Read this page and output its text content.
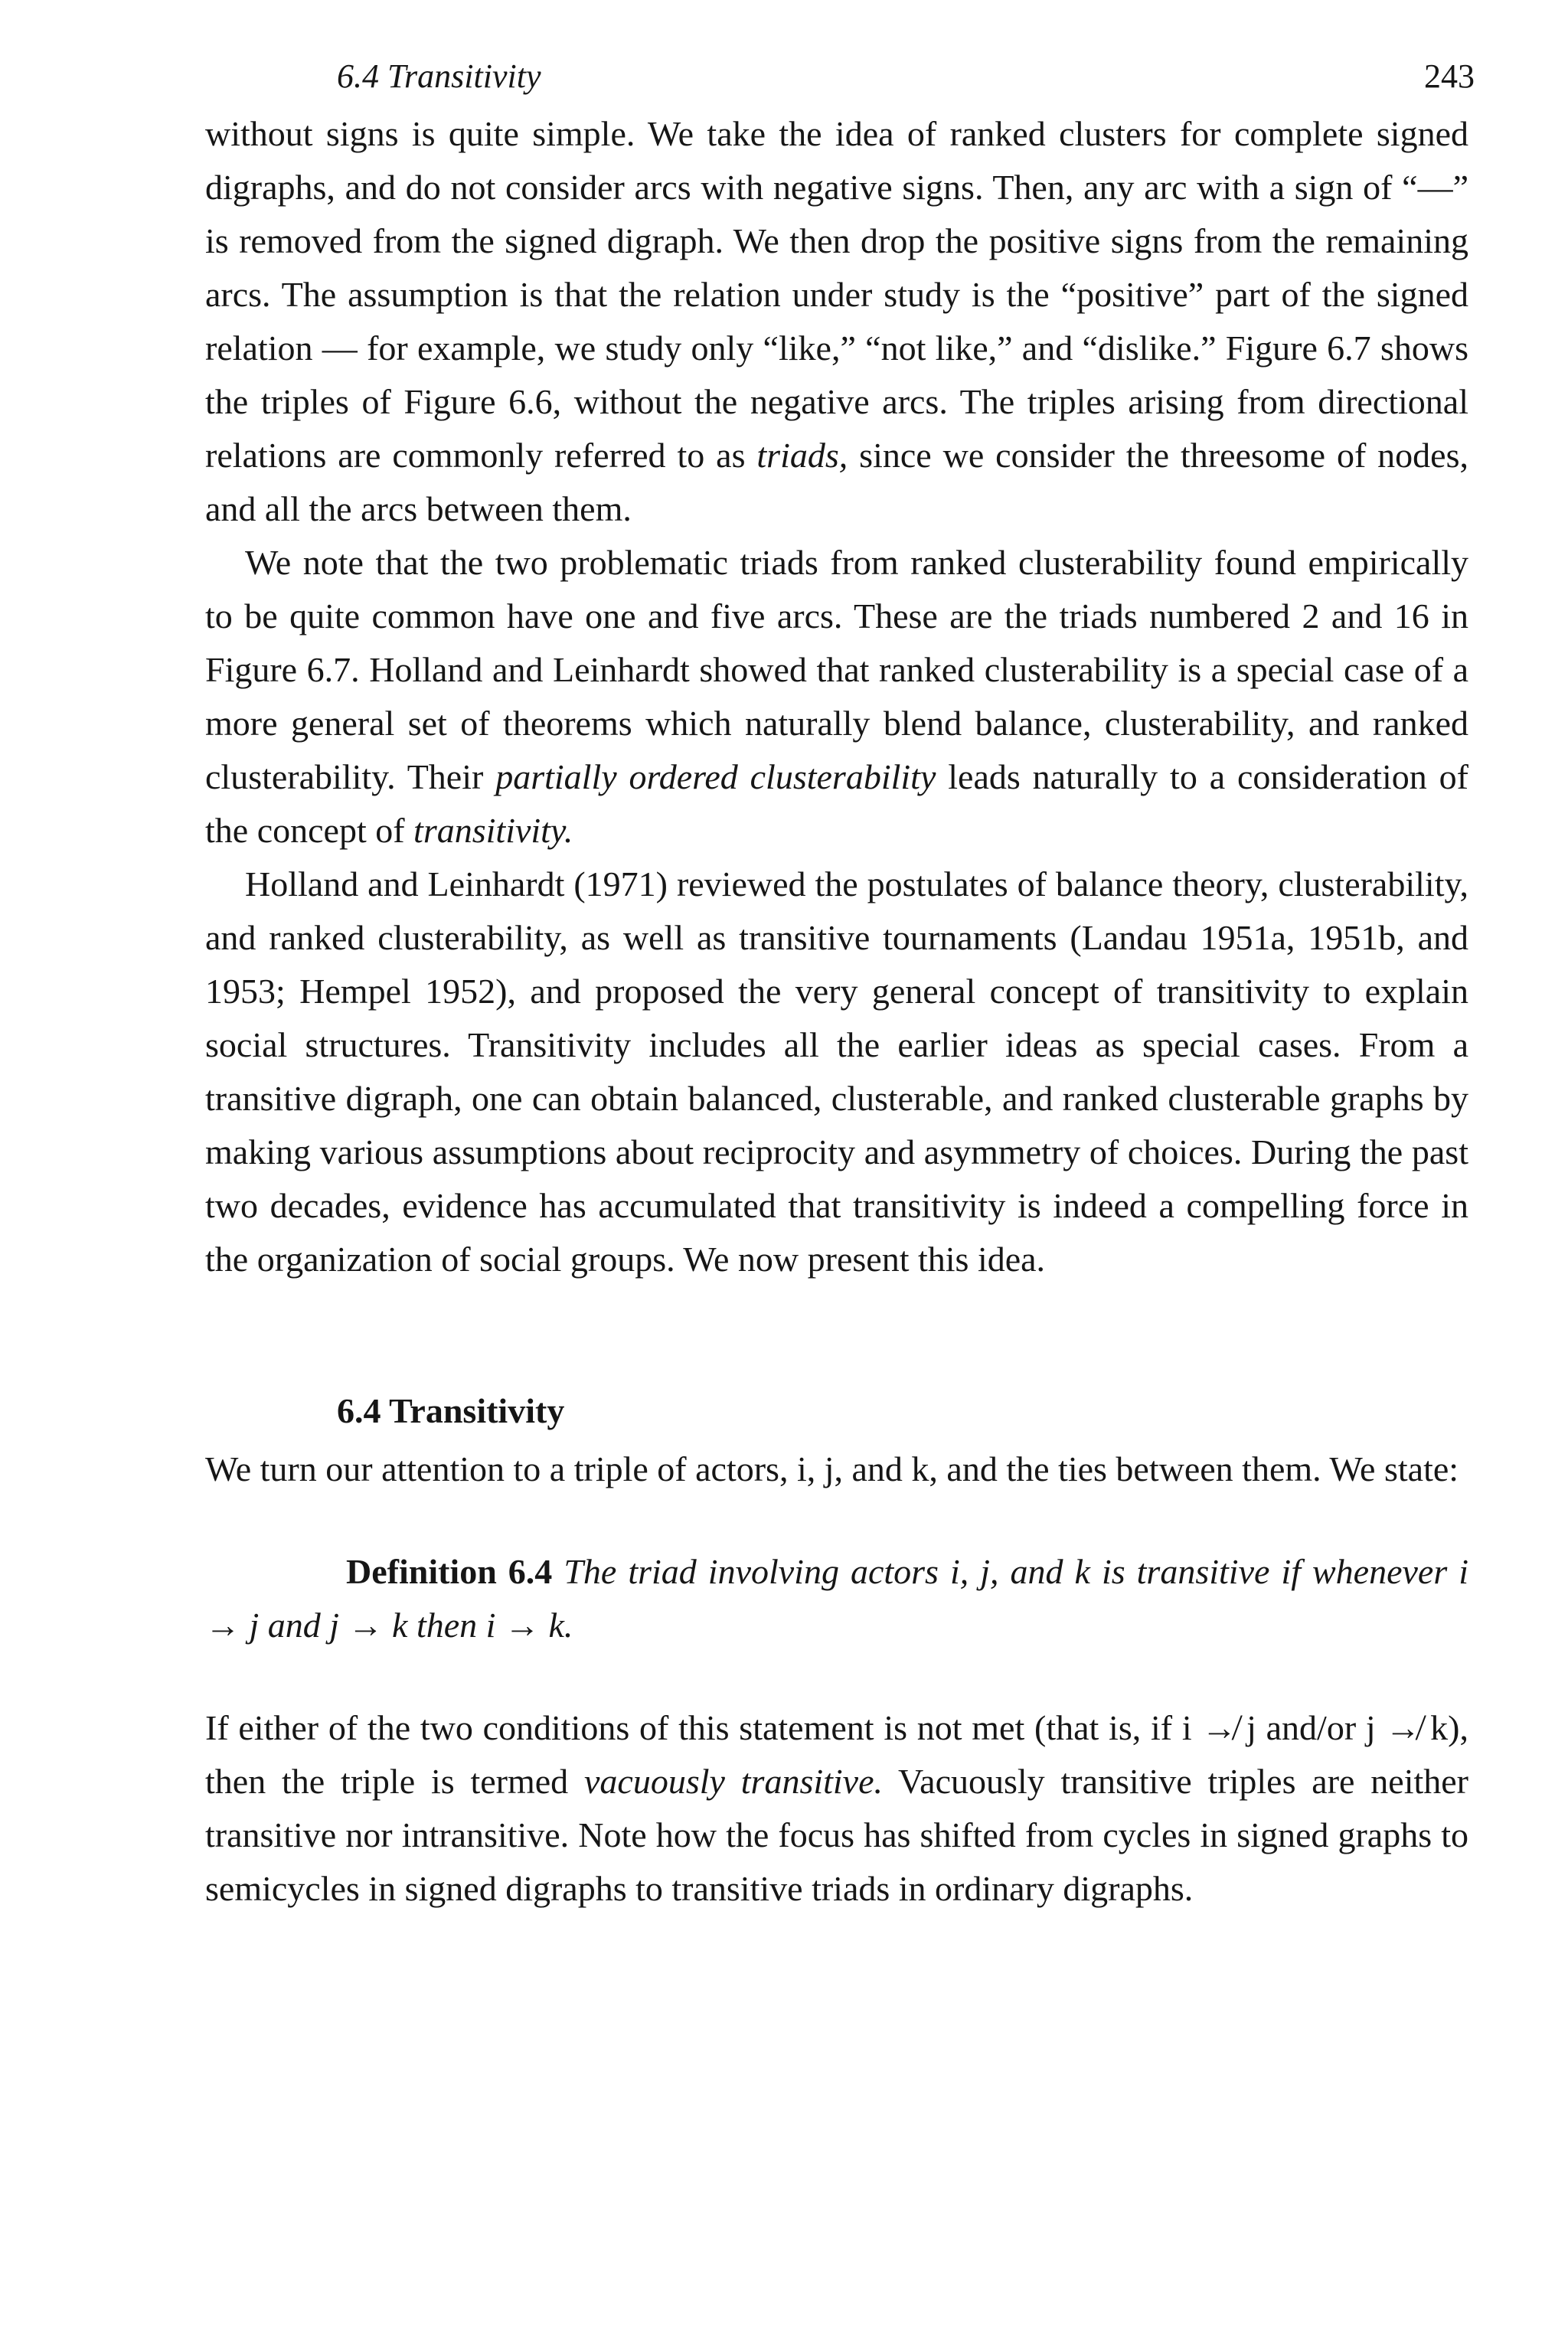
6.4 Transitivity	243

without signs is quite simple. We take the idea of ranked clusters for complete signed digraphs, and do not consider arcs with negative signs. Then, any arc with a sign of “—” is removed from the signed digraph. We then drop the positive signs from the remaining arcs. The assumption is that the relation under study is the “positive” part of the signed relation — for example, we study only “like,” “not like,” and “dislike.” Figure 6.7 shows the triples of Figure 6.6, without the negative arcs. The triples arising from directional relations are commonly referred to as triads, since we consider the threesome of nodes, and all the arcs between them.

We note that the two problematic triads from ranked clusterability found empirically to be quite common have one and five arcs. These are the triads numbered 2 and 16 in Figure 6.7. Holland and Leinhardt showed that ranked clusterability is a special case of a more general set of theorems which naturally blend balance, clusterability, and ranked clusterability. Their partially ordered clusterability leads naturally to a consideration of the concept of transitivity.

Holland and Leinhardt (1971) reviewed the postulates of balance theory, clusterability, and ranked clusterability, as well as transitive tournaments (Landau 1951a, 1951b, and 1953; Hempel 1952), and proposed the very general concept of transitivity to explain social structures. Transitivity includes all the earlier ideas as special cases. From a transitive digraph, one can obtain balanced, clusterable, and ranked clusterable graphs by making various assumptions about reciprocity and asymmetry of choices. During the past two decades, evidence has accumulated that transitivity is indeed a compelling force in the organization of social groups. We now present this idea.

6.4 Transitivity

We turn our attention to a triple of actors, i, j, and k, and the ties between them. We state:

Definition 6.4 The triad involving actors i, j, and k is transitive if whenever i → j and j → k then i → k.

If either of the two conditions of this statement is not met (that is, if i ↛ j and/or j ↛ k), then the triple is termed vacuously transitive. Vacuously transitive triples are neither transitive nor intransitive. Note how the focus has shifted from cycles in signed graphs to semicycles in signed digraphs to transitive triads in ordinary digraphs.
